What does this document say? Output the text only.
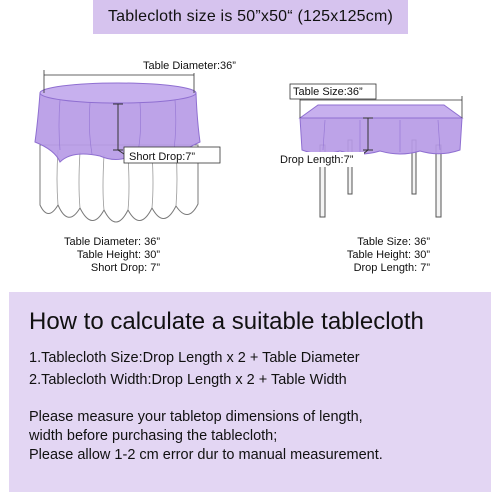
Tablecloth size is 50”x50“ (125x125cm)
Short Drop:7”
Table Diameter:36”
Table Size:36”
Drop Length:7”
Table Diameter: 36”
Table Height: 30”
Short Drop: 7”
Table Size: 36”
Table Height: 30”
Drop Length: 7”
How to calculate a suitable tablecloth
1.Tablecloth Size:Drop Length x 2 + Table Diameter
2.Tablecloth Width:Drop Length x 2 + Table Width
Please measure your tabletop dimensions of length,
width before purchasing the tablecloth;
Please allow 1-2 cm error dur to manual measurement.
